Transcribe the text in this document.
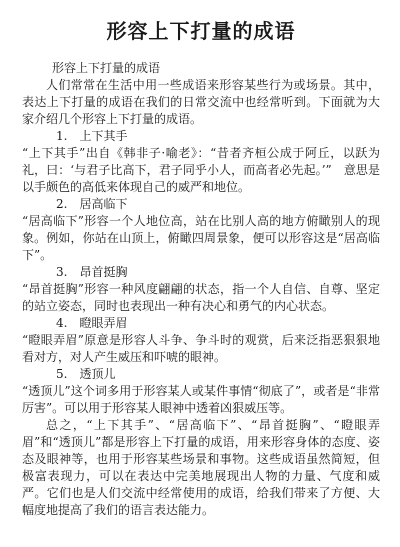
形容上下打量的成语

形容上下打量的成语

人们常常在生活中用一些成语来形容某些行为或场景。其中，表达上下打量的成语在我们的日常交流中也经常听到。下面就为大家介绍几个形容上下打量的成语。

1.　上下其手

“上下其手”出自《韩非子·喻老》：“昔者齐桓公成于阿丘，以跃为礼，曰：‘与君子比高下，君子同乎小人，而高者必先起。’”　意思是以手颇色的高低来体现自己的威严和地位。

2.　居高临下

“居高临下”形容一个人地位高，站在比别人高的地方俯瞰别人的现象。例如，你站在山顶上，俯瞰四周景象，便可以形容这是“居高临下”。

3.　昂首挺胸

“昂首挺胸”形容一种风度翩翩的状态，指一个人自信、自尊、坚定的站立姿态，同时也表现出一种有决心和勇气的内心状态。

4.　瞪眼弄眉

“瞪眼弄眉”原意是形容人斗争、争斗时的观赏，后来泛指恶狠狠地看对方，对人产生威压和吓唬的眼神。

5.　透顶儿

“透顶儿”这个词多用于形容某人或某件事情“彻底了”，或者是“非常厉害”。可以用于形容某人眼神中透着凶狠威压等。

总之，“上下其手”、“居高临下”、“昂首挺胸”、“瞪眼弄眉”和“透顶儿”都是形容上下打量的成语，用来形容身体的态度、姿态及眼神等，也用于形容某些场景和事物。这些成语虽然简短，但极富表现力，可以在表达中完美地展现出人物的力量、气度和威严。它们也是人们交流中经常使用的成语，给我们带来了方便、大幅度地提高了我们的语言表达能力。
